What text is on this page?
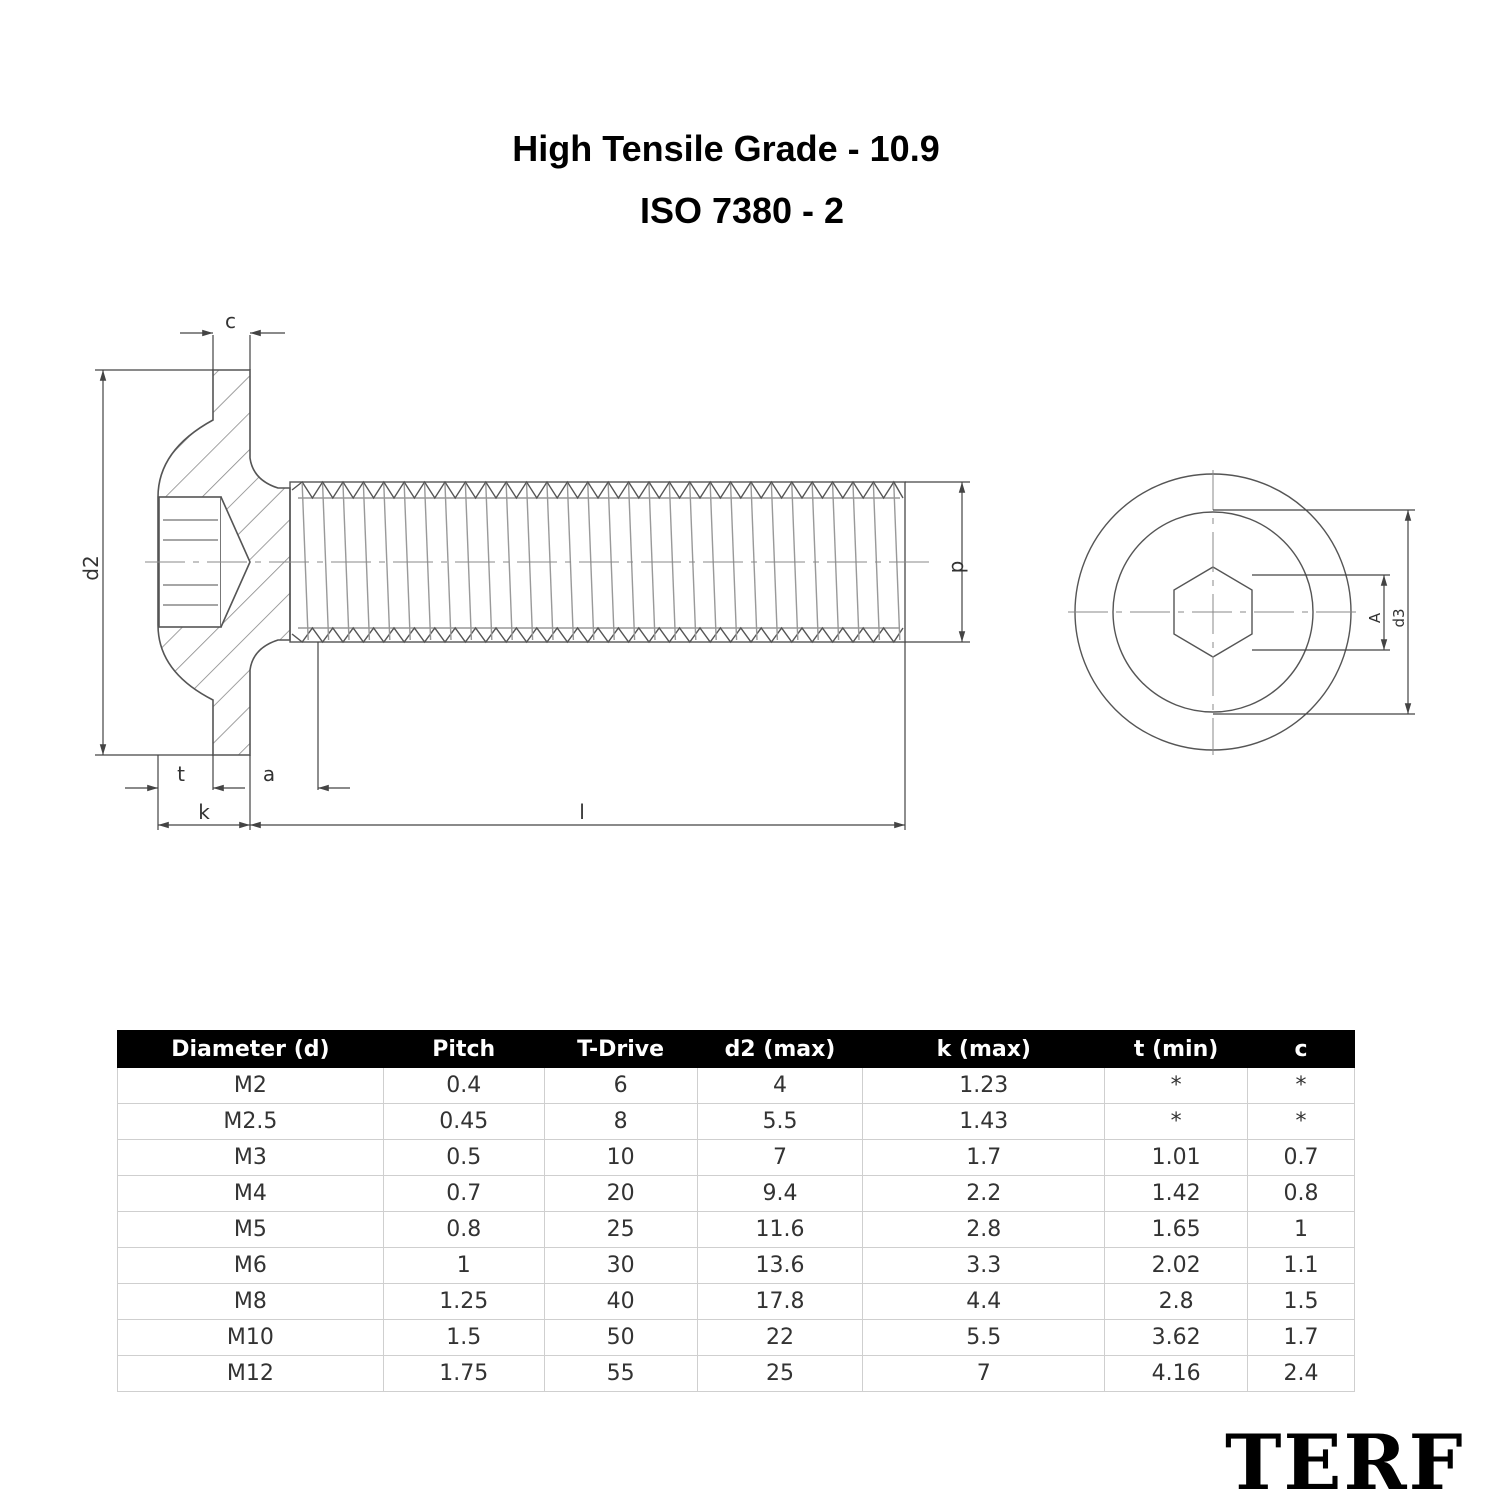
High Tensile Grade - 10.9
ISO 7380 - 2
c
d2	d
t	a
k	l
A d3
Diameter (d)	Pitch	T-Drive	d2 (max)	k (max)	t (min)	c
M2	0.4	6	4	1.23	*	*
M2.5	0.45	8	5.5	1.43	*	*
M3	0.5	10	7	1.7	1.01	0.7
M4	0.7	20	9.4	2.2	1.42	0.8
M5	0.8	25	11.6	2.8	1.65	1
M6	1	30	13.6	3.3	2.02	1.1
M8	1.25	40	17.8	4.4	2.8	1.5
M10	1.5	50	22	5.5	3.62	1.7
M12	1.75	55	25	7	4.16	2.4
TERF
